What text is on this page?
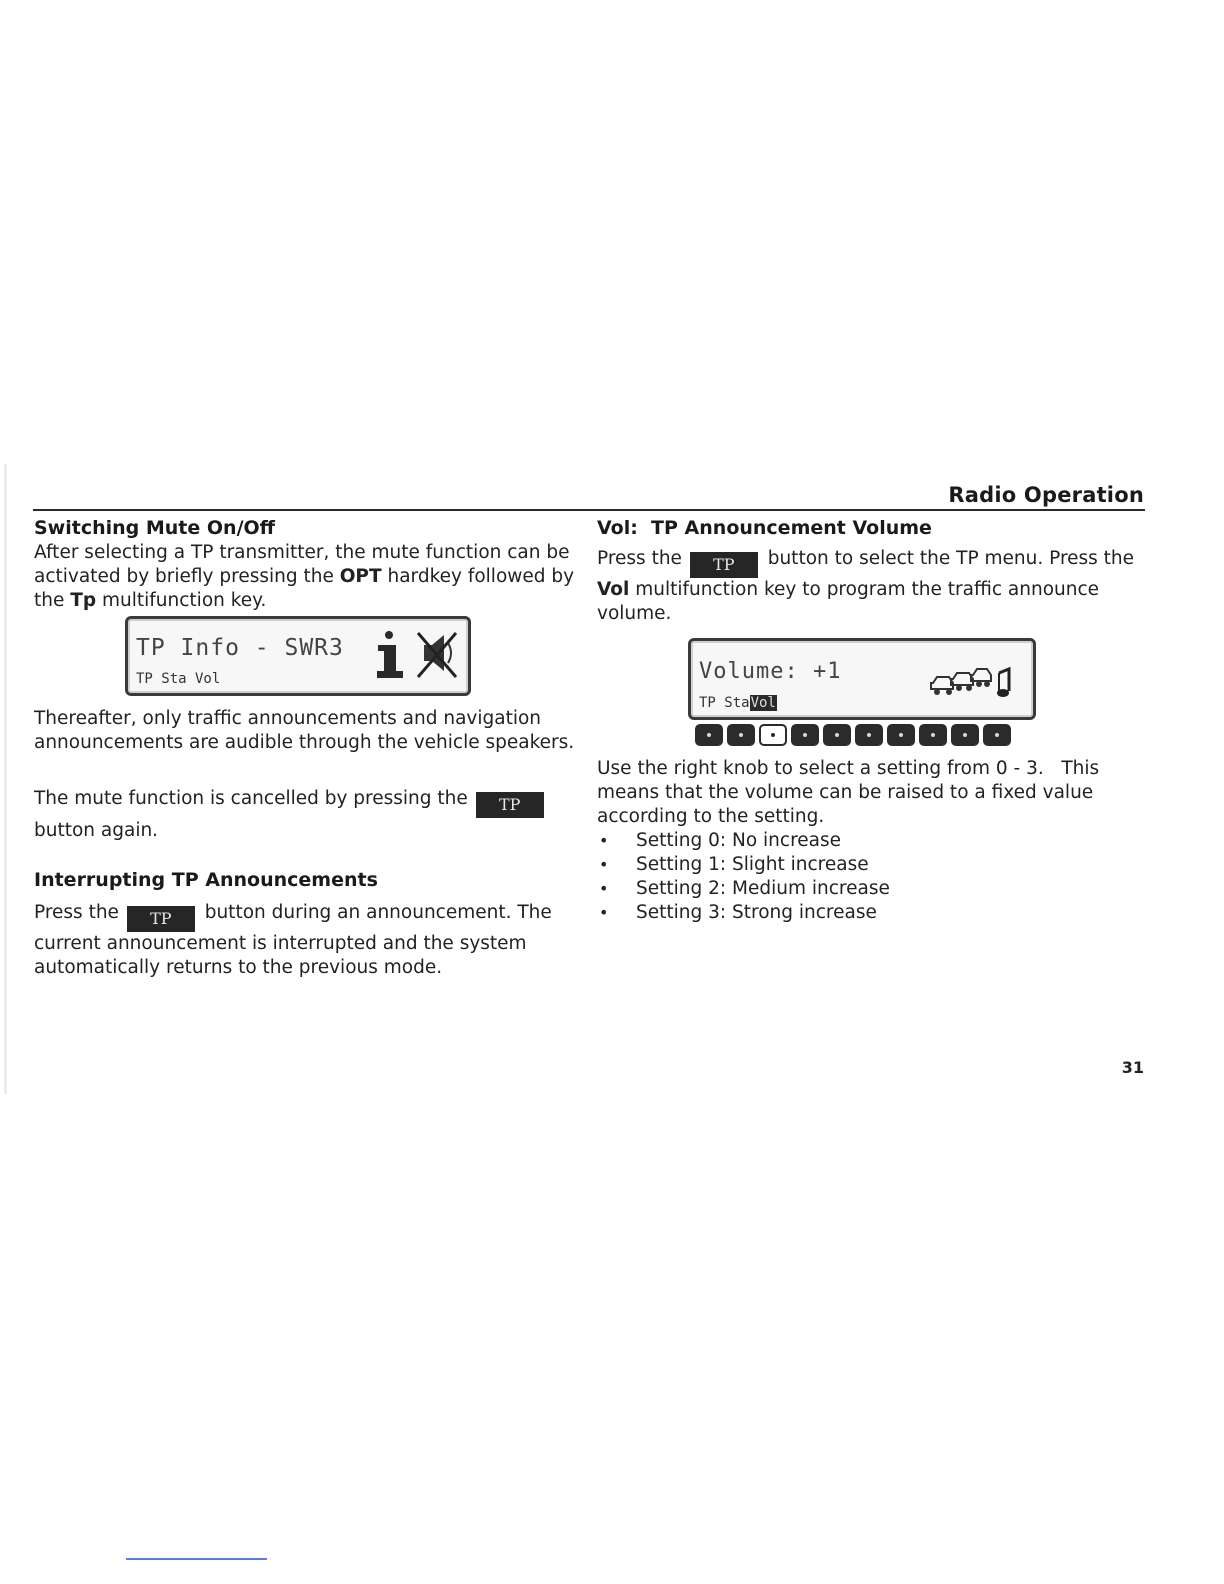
Radio Operation
Switching Mute On/Off

After selecting a TP transmitter, the mute function can be activated by briefly pressing the OPT hardkey followed by the Tp multifunction key.

TP Info - SWR3
TP Sta Vol

Thereafter, only traffic announcements and navigation announcements are audible through the vehicle speakers.

The mute function is cancelled by pressing the TP
button again.

Interrupting TP Announcements

Press the TP button during an announcement. The current announcement is interrupted and the system automatically returns to the previous mode.

Vol:  TP Announcement Volume

Press the TP button to select the TP menu. Press the Vol multifunction key to program the traffic announce volume.

Volume: +1
TP StaVol

Use the right knob to select a setting from 0 - 3.   This means that the volume can be raised to a fixed value according to the setting.

• Setting 0: No increase
• Setting 1: Slight increase
• Setting 2: Medium increase
• Setting 3: Strong increase
31
